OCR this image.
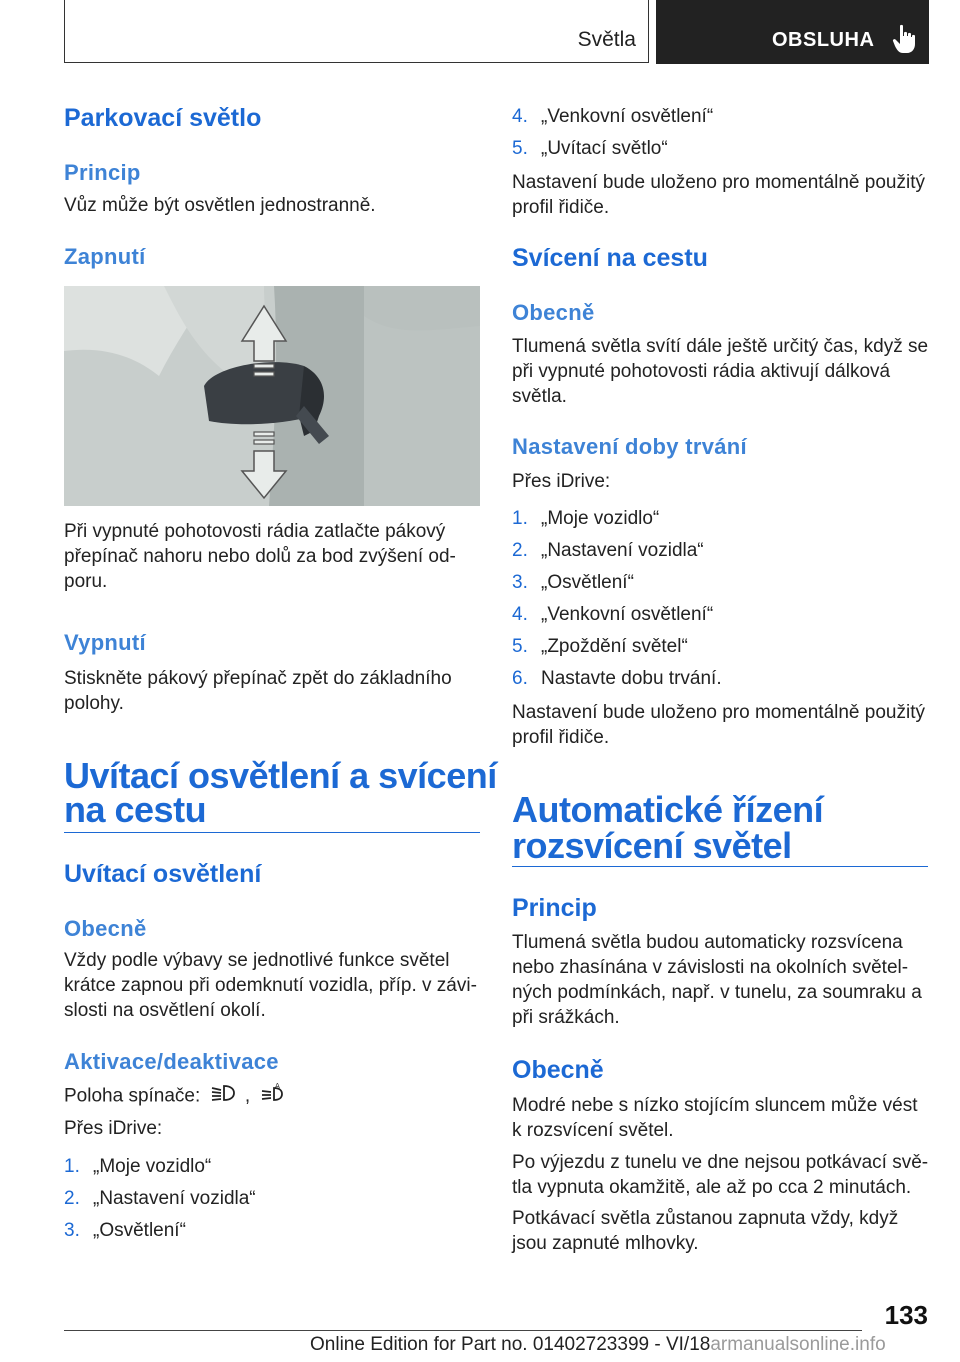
Světla	OBSLUHA
Parkovací světlo
Princip

Vůz může být osvětlen jednostranně.

Zapnutí

Při vypnuté pohotovosti rádia zatlačte pákový

přepínač nahoru nebo dolů za bod zvýšení od-

poru.

Vypnutí

Stiskněte pákový přepínač zpět do základního

polohy.

Uvítací osvětlení a svícení
na cestu
Uvítací osvětlení
Obecně

Vždy podle výbavy se jednotlivé funkce světel

krátce zapnou při odemknutí vozidla, příp. v závi-

slosti na osvětlení okolí.

Aktivace/deaktivace

Poloha spínače: ,	A

Přes iDrive:

1. „Moje vozidlo“
2. „Nastavení vozidla“
3. „Osvětlení“
4. „Venkovní osvětlení“
5. „Uvítací světlo“

Nastavení bude uloženo pro momentálně použitý

profil řidiče.

Svícení na cestu
Obecně

Tlumená světla svítí dále ještě určitý čas, když se

při vypnuté pohotovosti rádia aktivují dálková

světla.

Nastavení doby trvání

Přes iDrive:

1. „Moje vozidlo“
2. „Nastavení vozidla“
3. „Osvětlení“
4. „Venkovní osvětlení“
5. „Zpoždění světel“
6. Nastavte dobu trvání.

Nastavení bude uloženo pro momentálně použitý

profil řidiče.

Automatické řízení
rozsvícení světel
Princip

Tlumená světla budou automaticky rozsvícena

nebo zhasínána v závislosti na okolních světel-

ných podmínkách, např. v tunelu, za soumraku a

při srážkách.

Obecně

Modré nebe s nízko stojícím sluncem může vést

k rozsvícení světel.

Po výjezdu z tunelu ve dne nejsou potkávací svě-

tla vypnuta okamžitě, ale až po cca 2 minutách.

Potkávací světla zůstanou zapnuta vždy, když

jsou zapnuté mlhovky.

133
Online Edition for Part no. 01402723399 - VI/18armanualsonline.info
